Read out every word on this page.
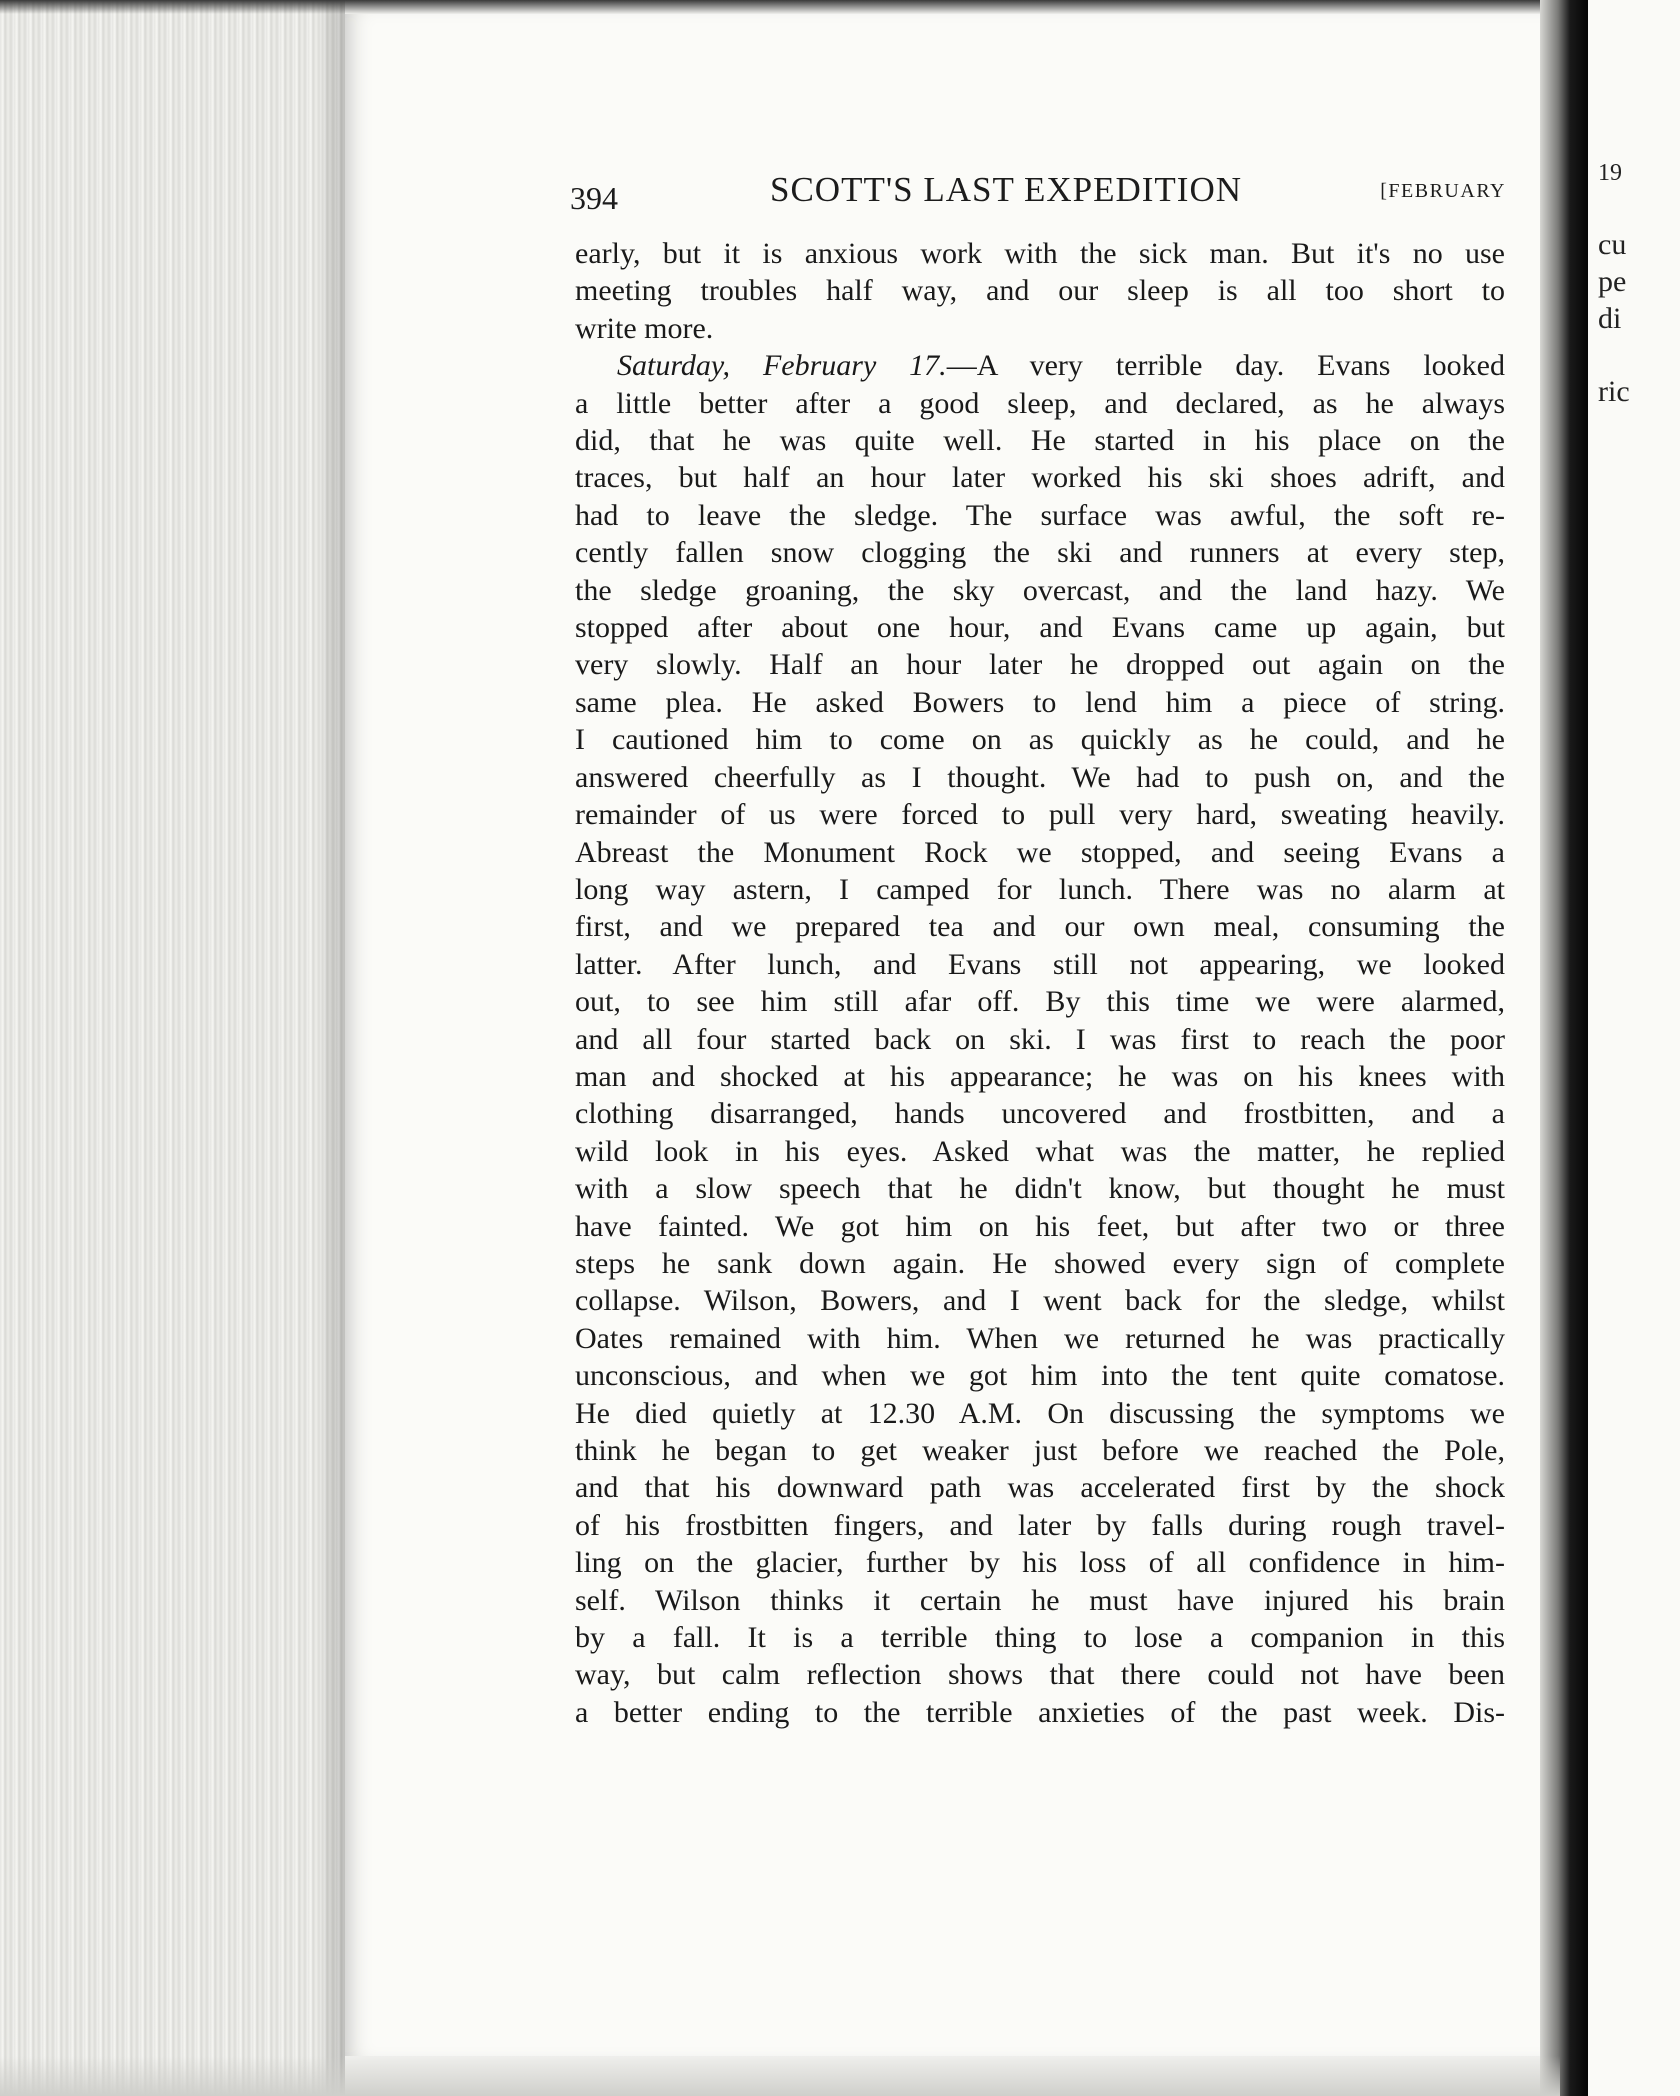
394	SCOTT'S LAST EXPEDITION	[FEBRUARY
early, but it is anxious work with the sick man. But it's no use
meeting troubles half way, and our sleep is all too short to
write more.
Saturday, February 17.—A very terrible day. Evans looked
a little better after a good sleep, and declared, as he always
did, that he was quite well. He started in his place on the
traces, but half an hour later worked his ski shoes adrift, and
had to leave the sledge. The surface was awful, the soft re-
cently fallen snow clogging the ski and runners at every step,
the sledge groaning, the sky overcast, and the land hazy. We
stopped after about one hour, and Evans came up again, but
very slowly. Half an hour later he dropped out again on the
same plea. He asked Bowers to lend him a piece of string.
I cautioned him to come on as quickly as he could, and he
answered cheerfully as I thought. We had to push on, and the
remainder of us were forced to pull very hard, sweating heavily.
Abreast the Monument Rock we stopped, and seeing Evans a
long way astern, I camped for lunch. There was no alarm at
first, and we prepared tea and our own meal, consuming the
latter. After lunch, and Evans still not appearing, we looked
out, to see him still afar off. By this time we were alarmed,
and all four started back on ski. I was first to reach the poor
man and shocked at his appearance; he was on his knees with
clothing disarranged, hands uncovered and frostbitten, and a
wild look in his eyes. Asked what was the matter, he replied
with a slow speech that he didn't know, but thought he must
have fainted. We got him on his feet, but after two or three
steps he sank down again. He showed every sign of complete
collapse. Wilson, Bowers, and I went back for the sledge, whilst
Oates remained with him. When we returned he was practically
unconscious, and when we got him into the tent quite comatose.
He died quietly at 12.30 A.M. On discussing the symptoms we
think he began to get weaker just before we reached the Pole,
and that his downward path was accelerated first by the shock
of his frostbitten fingers, and later by falls during rough travel-
ling on the glacier, further by his loss of all confidence in him-
self. Wilson thinks it certain he must have injured his brain
by a fall. It is a terrible thing to lose a companion in this
way, but calm reflection shows that there could not have been
a better ending to the terrible anxieties of the past week. Dis-
19
cu
pe
di
ric
